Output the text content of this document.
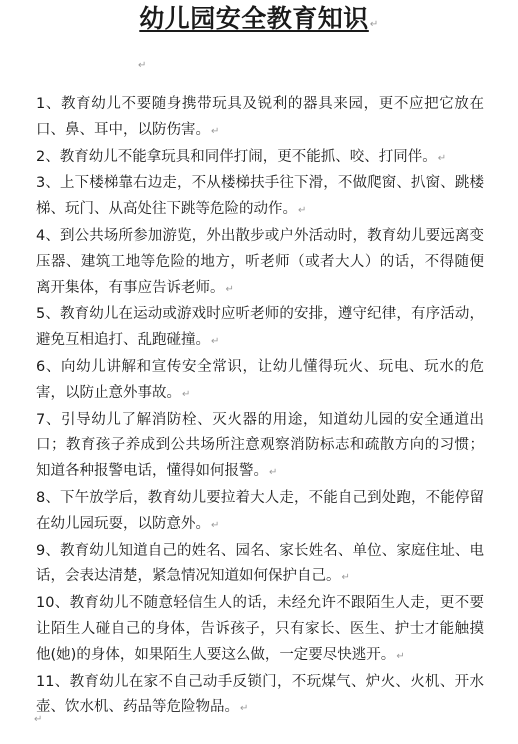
幼儿园安全教育知识↵
↵
1、教育幼儿不要随身携带玩具及锐利的器具来园，更不应把它放在口、鼻、耳中，以防伤害。↵
2、教育幼儿不能拿玩具和同伴打闹，更不能抓、咬、打同伴。↵
3、上下楼梯靠右边走，不从楼梯扶手往下滑，不做爬窗、扒窗、跳楼梯、玩门、从高处往下跳等危险的动作。↵
4、到公共场所参加游览，外出散步或户外活动时，教育幼儿要远离变压器、建筑工地等危险的地方，听老师（或者大人）的话，不得随便离开集体，有事应告诉老师。↵
5、教育幼儿在运动或游戏时应听老师的安排，遵守纪律，有序活动，避免互相追打、乱跑碰撞。↵
6、向幼儿讲解和宣传安全常识，让幼儿懂得玩火、玩电、玩水的危害，以防止意外事故。↵
7、引导幼儿了解消防栓、灭火器的用途，知道幼儿园的安全通道出口；教育孩子养成到公共场所注意观察消防标志和疏散方向的习惯；知道各种报警电话，懂得如何报警。↵
8、下午放学后，教育幼儿要拉着大人走，不能自己到处跑，不能停留在幼儿园玩耍，以防意外。↵
9、教育幼儿知道自己的姓名、园名、家长姓名、单位、家庭住址、电话，会表达清楚，紧急情况知道如何保护自己。↵
10、教育幼儿不随意轻信生人的话，未经允许不跟陌生人走，更不要让陌生人碰自己的身体，告诉孩子，只有家长、医生、护士才能触摸他(她)的身体，如果陌生人要这么做，一定要尽快逃开。↵
11、教育幼儿在家不自己动手反锁门，不玩煤气、炉火、火机、开水壶、饮水机、药品等危险物品。↵
↵
